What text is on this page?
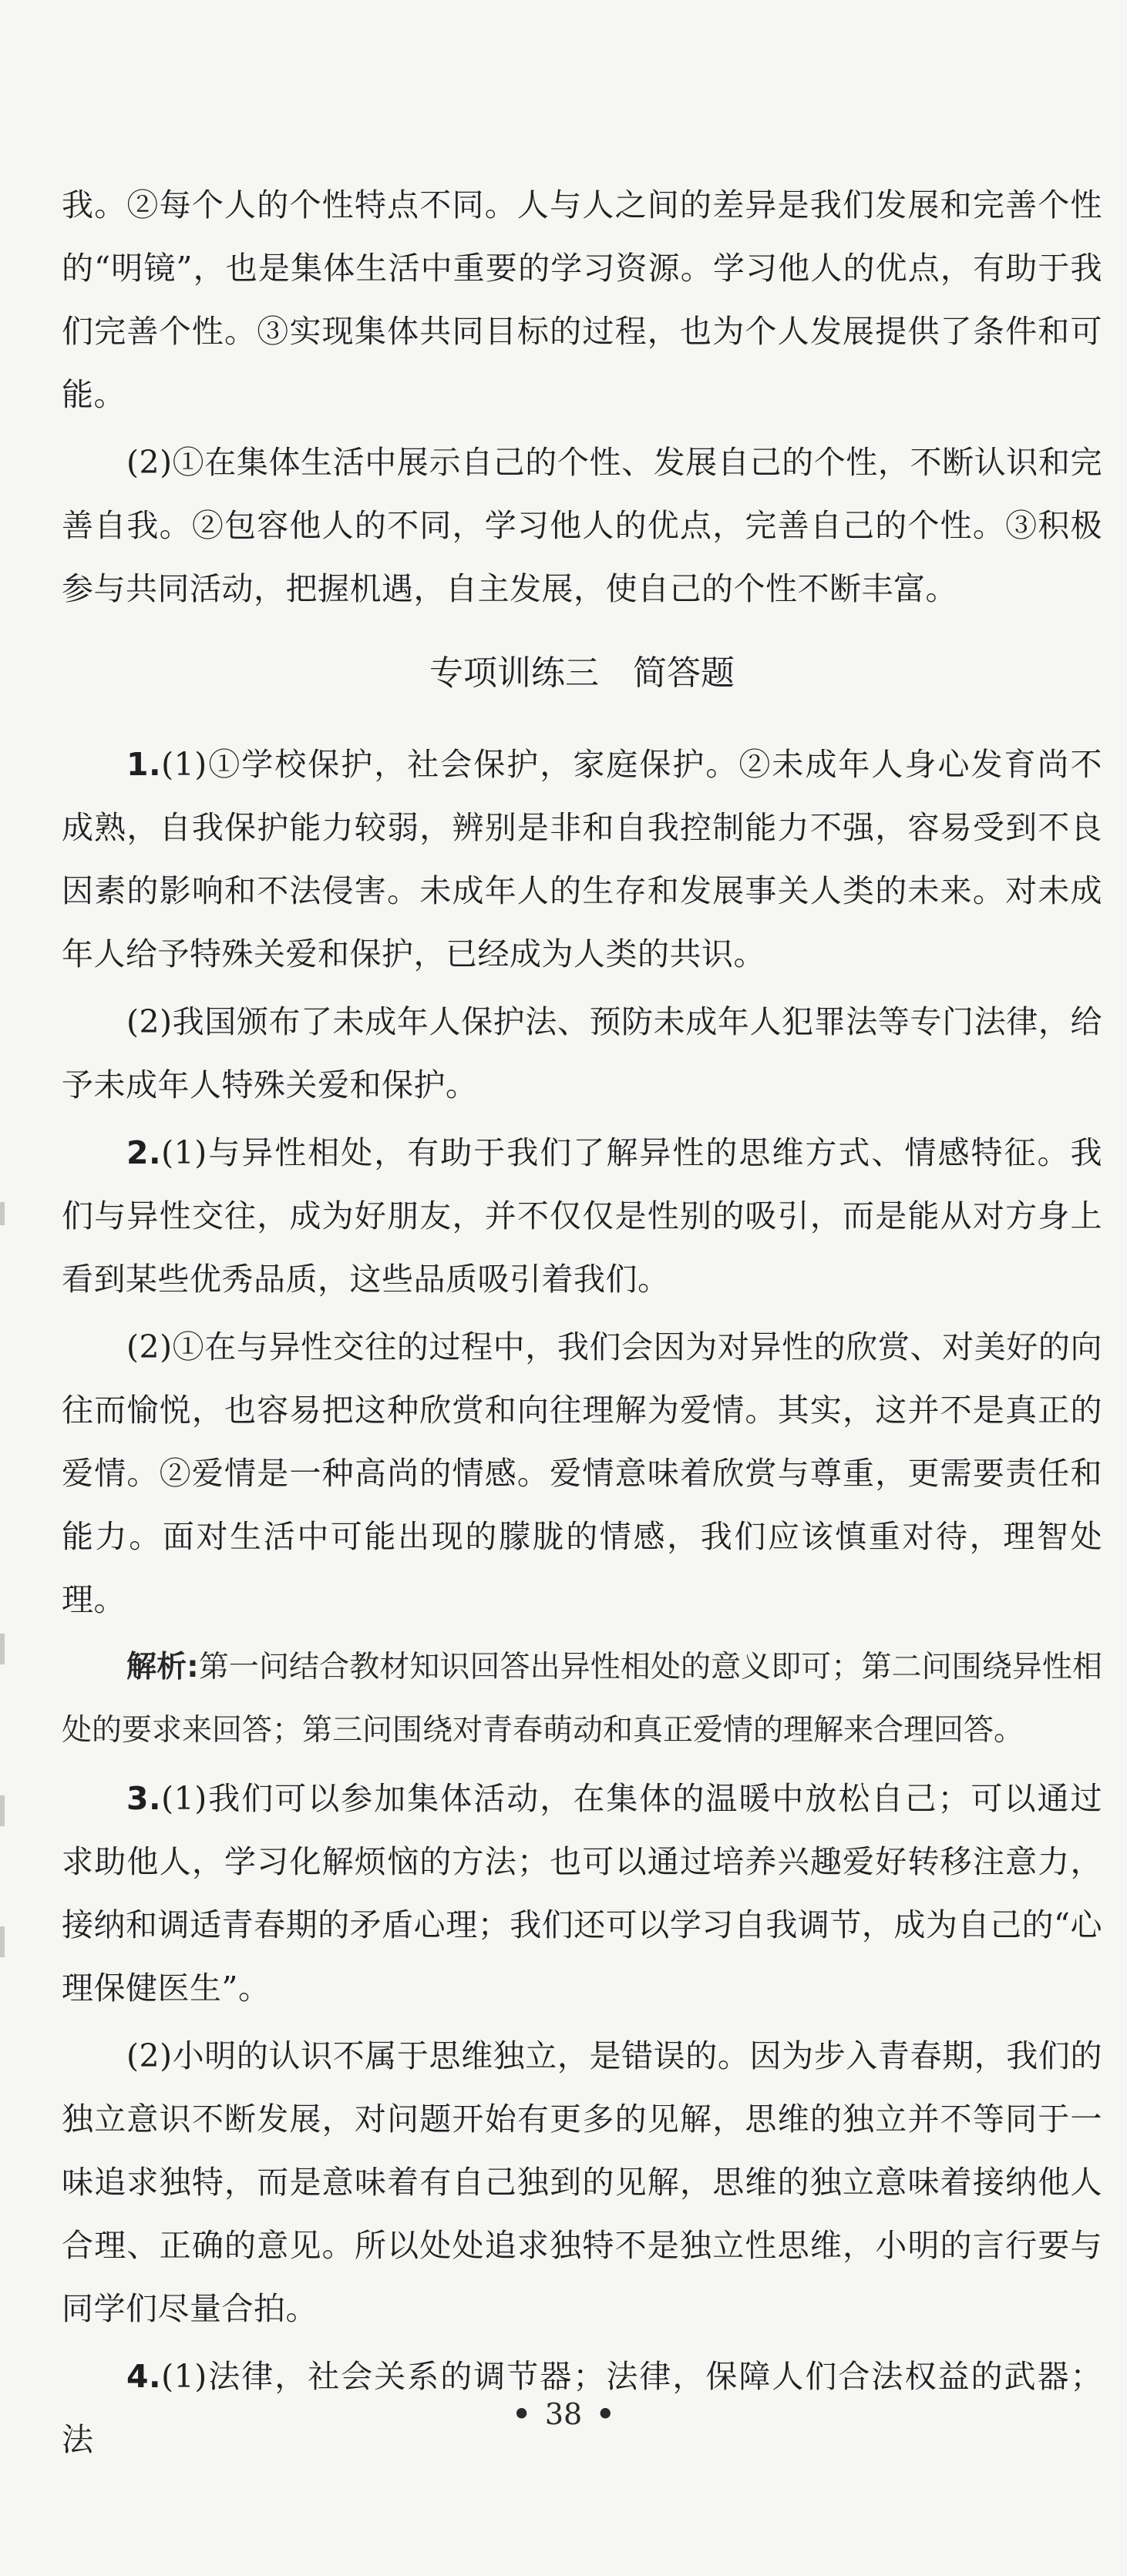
我。②每个人的个性特点不同。人与人之间的差异是我们发展和完善个性的“明镜”，也是集体生活中重要的学习资源。学习他人的优点，有助于我们完善个性。③实现集体共同目标的过程，也为个人发展提供了条件和可能。

(2)①在集体生活中展示自己的个性、发展自己的个性，不断认识和完善自我。②包容他人的不同，学习他人的优点，完善自己的个性。③积极参与共同活动，把握机遇，自主发展，使自己的个性不断丰富。

专项训练三 简答题

1.(1)①学校保护，社会保护，家庭保护。②未成年人身心发育尚不成熟，自我保护能力较弱，辨别是非和自我控制能力不强，容易受到不良因素的影响和不法侵害。未成年人的生存和发展事关人类的未来。对未成年人给予特殊关爱和保护，已经成为人类的共识。

(2)我国颁布了未成年人保护法、预防未成年人犯罪法等专门法律，给予未成年人特殊关爱和保护。

2.(1)与异性相处，有助于我们了解异性的思维方式、情感特征。我们与异性交往，成为好朋友，并不仅仅是性别的吸引，而是能从对方身上看到某些优秀品质，这些品质吸引着我们。

(2)①在与异性交往的过程中，我们会因为对异性的欣赏、对美好的向往而愉悦，也容易把这种欣赏和向往理解为爱情。其实，这并不是真正的爱情。②爱情是一种高尚的情感。爱情意味着欣赏与尊重，更需要责任和能力。面对生活中可能出现的朦胧的情感，我们应该慎重对待，理智处理。

解析:第一问结合教材知识回答出异性相处的意义即可；第二问围绕异性相处的要求来回答；第三问围绕对青春萌动和真正爱情的理解来合理回答。

3.(1)我们可以参加集体活动，在集体的温暖中放松自己；可以通过求助他人，学习化解烦恼的方法；也可以通过培养兴趣爱好转移注意力，接纳和调适青春期的矛盾心理；我们还可以学习自我调节，成为自己的“心理保健医生”。

(2)小明的认识不属于思维独立，是错误的。因为步入青春期，我们的独立意识不断发展，对问题开始有更多的见解，思维的独立并不等同于一味追求独特，而是意味着有自己独到的见解，思维的独立意味着接纳他人合理、正确的意见。所以处处追求独特不是独立性思维，小明的言行要与同学们尽量合拍。

4.(1)法律，社会关系的调节器；法律，保障人们合法权益的武器；法

• 38 •
